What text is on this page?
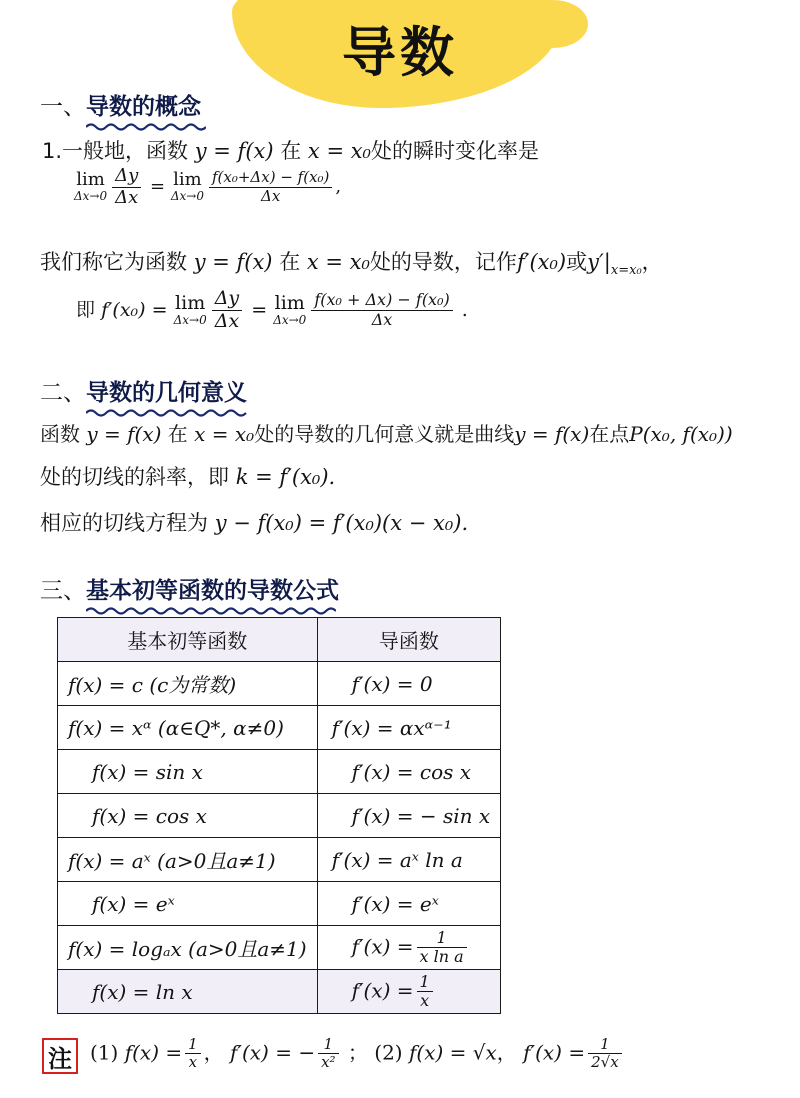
导数
一、导数的概念
1.一般地，函数 y = f(x) 在 x = x₀处的瞬时变化率是
lim
$\Delta x\to 0 \frac{\Delta y}{\Delta x} = \lim$
$\Delta x\to 0 \frac{\text{f(x₀+Δx) − f(x₀)}}{\Delta x}$ ,
我们称它为函数 y = f(x) 在 x = x₀处的导数，记作f′(x₀)或$y'|_{x=x_0}$，
即 f′(x₀) = lim
$\Delta x\to 0 \frac{\Delta y}{\Delta x} = \lim$
$\Delta x\to 0 \frac{\text{f(x₀ + Δx) − f(x₀)}}{\Delta x}$ .
二、导数的几何意义
函数 y = f(x) 在 x = x₀处的导数的几何意义就是曲线y = f(x)在点P(x₀, f(x₀))
处的切线的斜率，即 k = f′(x₀).
相应的切线方程为 y − f(x₀) = f′(x₀)(x − x₀).
三、基本初等函数的导数公式
基本初等函数	导函数
f(x) = c (c为常数)	f′(x) = 0
f(x) = xᵅ (α∈Q*, α≠0)	f′(x) = αxᵅ⁻¹
f(x) = sin x	f′(x) = cos x
f(x) = cos x	f′(x) = − sin x
f(x) = aˣ (a>0且a≠1)	f′(x) = aˣ ln a
f(x) = eˣ	f′(x) = eˣ
f(x) = logₐx (a>0且a≠1)	$f'(x) = \frac{1}{\text{x ln a}}$

f(x) = ln x	$f'(x) = \frac{1}{x}$
注 (1) $f(x) = \frac{1}{x}$ ， f′(x) = − $\frac{1}{\text{x²}}$ ； (2) f(x) = √x， $f'(x) = \frac{1}{2√x}$
